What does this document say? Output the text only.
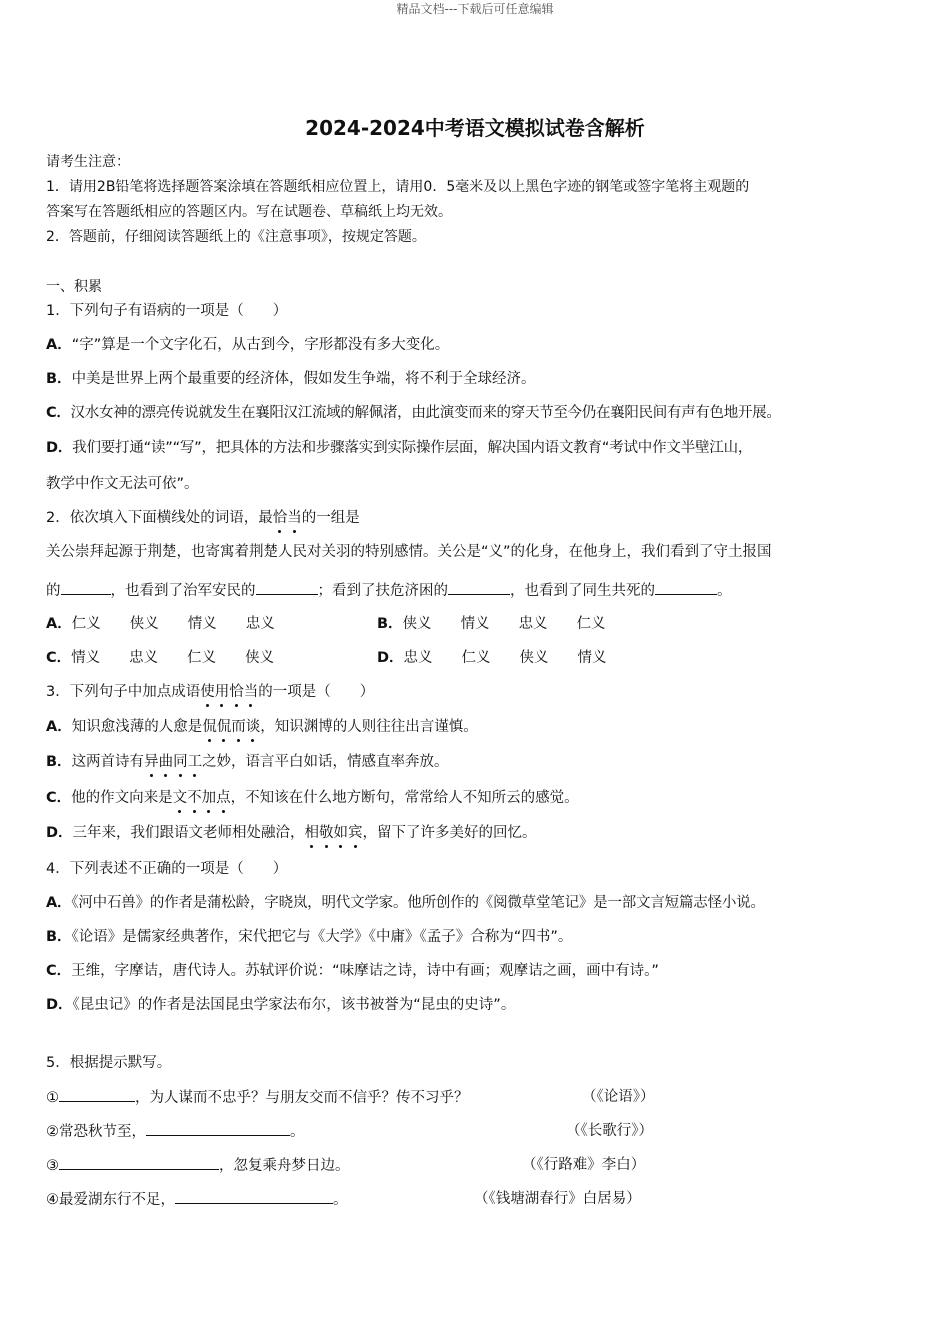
精品文档---下载后可任意编辑
2024-2024中考语文模拟试卷含解析
请考生注意：
1．请用2B铅笔将选择题答案涂填在答题纸相应位置上，请用0．5毫米及以上黑色字迹的钢笔或签字笔将主观题的
答案写在答题纸相应的答题区内。写在试题卷、草稿纸上均无效。
2．答题前，仔细阅读答题纸上的《注意事项》，按规定答题。
一、积累
1．下列句子有语病的一项是（　　）
A．“字”算是一个文字化石，从古到今，字形都没有多大变化。
B．中美是世界上两个最重要的经济体，假如发生争端，将不利于全球经济。
C．汉水女神的漂亮传说就发生在襄阳汉江流域的解佩渚，由此演变而来的穿天节至今仍在襄阳民间有声有色地开展。
D．我们要打通“读”“写”，把具体的方法和步骤落实到实际操作层面，解决国内语文教育“考试中作文半壁江山，
教学中作文无法可依”。
2．依次填入下面横线处的词语，最恰当的一组是
关公崇拜起源于荆楚，也寄寓着荆楚人民对关羽的特别感情。关公是“义”的化身，在他身上，我们看到了守土报国
的	，也看到了治军安民的	；看到了扶危济困的	，也看到了同生共死的	。
A．仁义　　 侠义　　 情义　　 忠义	B．侠义　　 情义　　 忠义　　 仁义
C．情义　　 忠义　　 仁义　　 侠义	D．忠义　　 仁义　　 侠义　　 情义
3．下列句子中加点成语使用恰当的一项是（　　）
A．知识愈浅薄的人愈是侃侃而谈，知识渊博的人则往往出言谨慎。
B．这两首诗有异曲同工之妙，语言平白如话，情感直率奔放。
C．他的作文向来是文不加点，不知该在什么地方断句，常常给人不知所云的感觉。
D．三年来，我们跟语文老师相处融洽，相敬如宾，留下了许多美好的回忆。
4．下列表述不正确的一项是（　　）
A．《河中石兽》的作者是蒲松龄，字晓岚，明代文学家。他所创作的《阅微草堂笔记》是一部文言短篇志怪小说。
B．《论语》是儒家经典著作，宋代把它与《大学》《中庸》《孟子》合称为“四书”。
C．王维，字摩诘，唐代诗人。苏轼评价说：“味摩诘之诗，诗中有画；观摩诘之画，画中有诗。”
D．《昆虫记》的作者是法国昆虫学家法布尔，该书被誉为“昆虫的史诗”。
5．根据提示默写。
①	，为人谋而不忠乎？与朋友交而不信乎？传不习乎？	（《论语》）
②常恐秋节至，	。	（《长歌行》）
③	，忽复乘舟梦日边。	（《行路难》李白）
④最爱湖东行不足，	。	（《钱塘湖春行》白居易）
